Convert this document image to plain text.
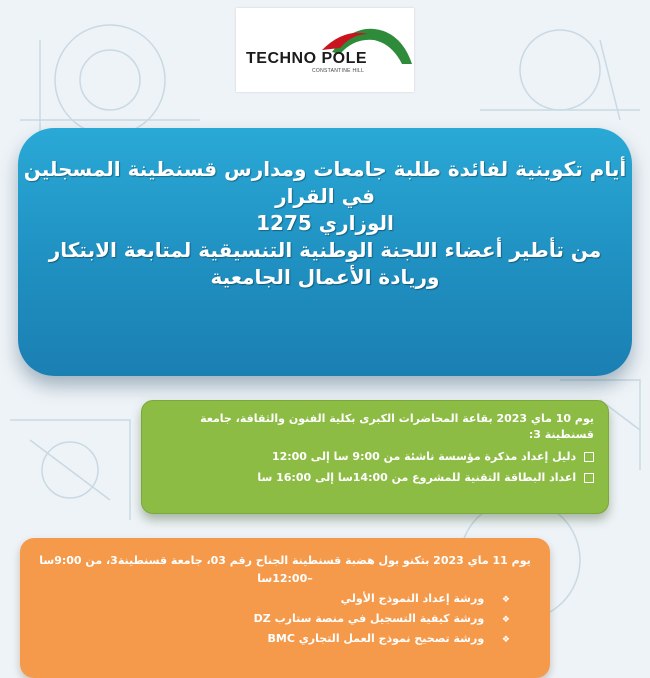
TECHNO POLE
CONSTANTINE HILL
أيام تكوينية لفائدة طلبة جامعات ومدارس قسنطينة المسجلين
في القرار
الوزاري 1275
من تأطير أعضاء اللجنة الوطنية التنسيقية لمتابعة الابتكار
وريادة الأعمال الجامعية
يوم 10 ماي 2023 بقاعة المحاضرات الكبرى بكلية الفنون والثقافة، جامعة قسنطينة 3:
دليل إعداد مذكرة مؤسسة ناشئة من 9:00 سا إلى 12:00
اعداد البطاقة التقنية للمشروع من 14:00سا إلى 16:00 سا
يوم 11 ماي 2023 بتكنو بول هضبة قسنطينة الجناح رقم 03، جامعة قسنطينة3، من 9:00سا –12:00سا
❖ ورشة إعداد النموذج الأولي
❖ ورشة كيفية التسجيل في منصة ستارب DZ
❖ ورشة تصحيح نموذج العمل التجاري BMC
